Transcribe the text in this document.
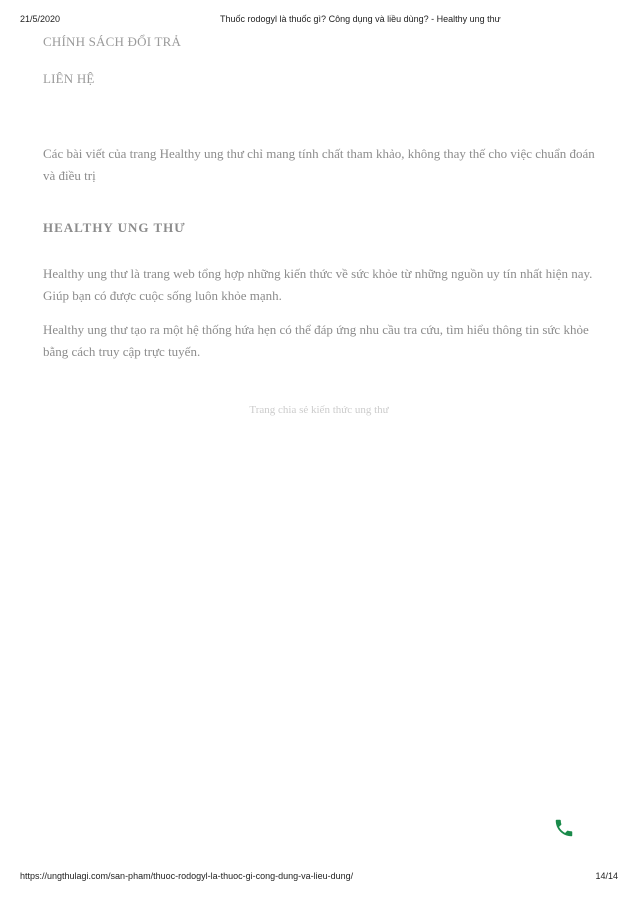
21/5/2020	Thuốc rodogyl là thuốc gì? Công dụng và liều dùng? - Healthy ung thư
CHÍNH SÁCH ĐỔI TRẢ
LIÊN HỆ

Các bài viết của trang Healthy ung thư chỉ mang tính chất tham khảo, không thay thế cho việc chuẩn đoán và điều trị

HEALTHY UNG THƯ

Healthy ung thư là trang web tổng hợp những kiến thức về sức khỏe từ những nguồn uy tín nhất hiện nay. Giúp bạn có được cuộc sống luôn khỏe mạnh.

Healthy ung thư tạo ra một hệ thống hứa hẹn có thể đáp ứng nhu cầu tra cứu, tìm hiểu thông tin sức khỏe bằng cách truy cập trực tuyến.

Trang chia sẻ kiến thức ung thư

https://ungthulagi.com/san-pham/thuoc-rodogyl-la-thuoc-gi-cong-dung-va-lieu-dung/	14/14
